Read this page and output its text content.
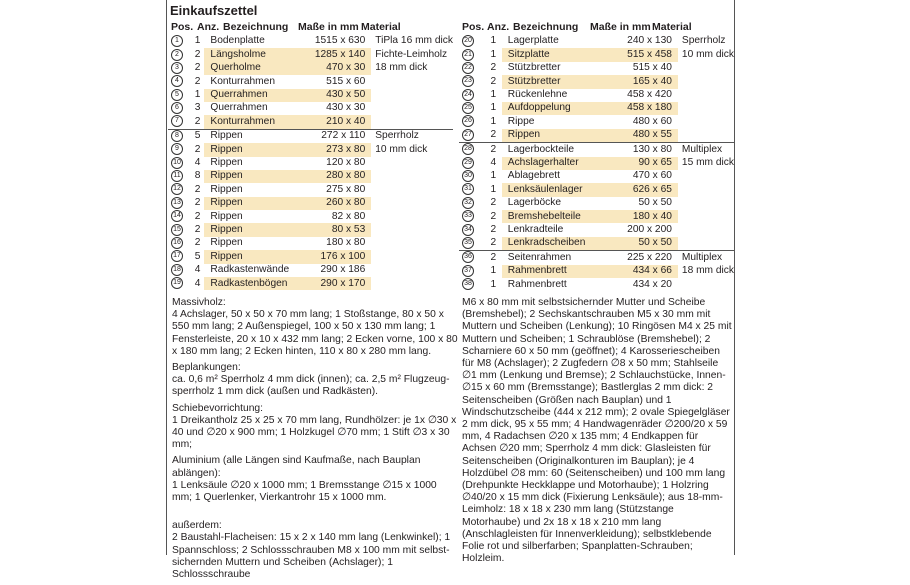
Einkaufszettel
Pos. Anz. Bezeichnung Maße in mm Material	Pos. Anz. Bezeichnung Maße in mm Material
1	1	Bodenplatte	1515 x 630	TiPla 16 mm dick
2	2	Längsholme	1285 x 140	Fichte-Leimholz
3	2	Querholme	470 x 30	18 mm dick
4	2	Konturrahmen	515 x 60	
5	1	Querrahmen	430 x 50	
6	3	Querrahmen	430 x 30	
7	2	Konturrahmen	210 x 40	
8	5	Rippen	272 x 110	Sperrholz
9	2	Rippen	273 x 80	10 mm dick
10	4	Rippen	120 x 80	
11	8	Rippen	280 x 80	
12	2	Rippen	275 x 80	
13	2	Rippen	260 x 80	
14	2	Rippen	82 x 80	
15	2	Rippen	80 x 53	
16	2	Rippen	180 x 80	
17	5	Rippen	176 x 100	
18	4	Radkastenwände	290 x 186	
19	4	Radkastenbögen	290 x 170	
20	1	Lagerplatte	240 x 130	Sperrholz
21	1	Sitzplatte	515 x 458	10 mm dick
22	2	Stützbretter	515 x 40	
23	2	Stützbretter	165 x 40	
24	1	Rückenlehne	458 x 420	
25	1	Aufdoppelung	458 x 180	
26	1	Rippe	480 x 60	
27	2	Rippen	480 x 55	
28	2	Lagerbockteile	130 x 80	Multiplex
29	4	Achslagerhalter	90 x 65	15 mm dick
30	1	Ablagebrett	470 x 60	
31	1	Lenksäulenlager	626 x 65	
32	2	Lagerböcke	50 x 50	
33	2	Bremshebelteile	180 x 40	
34	2	Lenkradteile	200 x 200	
35	2	Lenkradscheiben	50 x 50	
36	2	Seitenrahmen	225 x 220	Multiplex
37	1	Rahmenbrett	434 x 66	18 mm dick
38	1	Rahmenbrett	434 x 20	

Massivholz:

4 Achslager, 50 x 50 x 70 mm lang; 1 Stoßstange, 80 x 50 x 550 mm lang; 2 Außenspiegel, 100 x 50 x 130 mm lang; 1 Fensterleiste, 20 x 10 x 432 mm lang; 2 Ecken vorne, 100 x 80 x 180 mm lang; 2 Ecken hinten, 110 x 80 x 280 mm lang.

Beplankungen:

ca. 0,6 m² Sperrholz 4 mm dick (innen); ca. 2,5 m² Flugzeug-sperrholz 1 mm dick (außen und Radkästen).

Schiebevorrichtung:

1 Dreikantholz 25 x 25 x 70 mm lang, Rundhölzer: je 1x ∅30 x 40 und ∅20 x 900 mm; 1 Holzkugel ∅70 mm; 1 Stift ∅3 x 30 mm;

Aluminium (alle Längen sind Kaufmaße, nach Bauplan ablängen):

1 Lenksäule ∅20 x 1000 mm; 1 Bremsstange ∅15 x 1000 mm; 1 Querlenker, Vierkantrohr 15 x 1000 mm.

außerdem:

2 Baustahl-Flacheisen: 15 x 2 x 140 mm lang (Lenkwinkel); 1 Spannschloss; 2 Schlossschrauben M8 x 100 mm mit selbst-sichernden Muttern und Scheiben (Achslager); 1 Schlossschraube

M6 x 80 mm mit selbstsichernder Mutter und Scheibe (Bremshebel); 2 Sechskantschrauben M5 x 30 mm mit Muttern und Scheiben (Lenkung); 10 Ringösen M4 x 25 mit Muttern und Scheiben; 1 Schraublöse (Bremshebel); 2 Scharniere 60 x 50 mm (geöffnet); 4 Karosseriescheiben für M8 (Achslager); 2 Zugfedern ∅8 x 50 mm; Stahlseile ∅1 mm (Lenkung und Bremse); 2 Schlauchstücke, Innen-∅15 x 60 mm (Bremsstange); Bastlerglas 2 mm dick: 2 Seitenscheiben (Größen nach Bauplan) und 1 Windschutzscheibe (444 x 212 mm); 2 ovale Spiegelgläser 2 mm dick, 95 x 55 mm; 4 Handwagenräder ∅200/20 x 59 mm, 4 Radachsen ∅20 x 135 mm; 4 Endkappen für Achsen ∅20 mm; Sperrholz 4 mm dick: Glasleisten für Seitenscheiben (Originalkonturen im Bauplan); je 4 Holzdübel ∅8 mm: 60 (Seitenscheiben) und 100 mm lang (Drehpunkte Heckklappe und Motorhaube); 1 Holzring ∅40/20 x 15 mm dick (Fixierung Lenksäule); aus 18-mm-Leimholz: 18 x 18 x 230 mm lang (Stützstange Motorhaube) und 2x 18 x 18 x 210 mm lang (Anschlagleisten für Innenverkleidung); selbstklebende Folie rot und silberfarben; Spanplatten-Schrauben; Holzleim.
